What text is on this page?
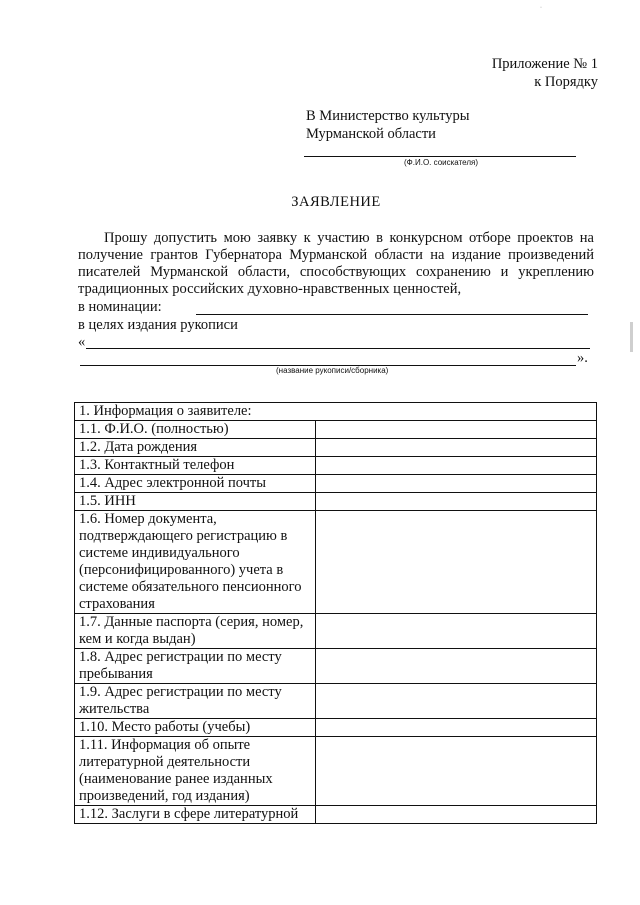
·
Приложение № 1
к Порядку
В Министерство культуры
Мурманской области
(Ф.И.О. соискателя)
ЗАЯВЛЕНИЕ
Прошу допустить мою заявку к участию в конкурсном отборе проектов на получение грантов Губернатора Мурманской области на издание произведений писателей Мурманской области, способствующих сохранению и укреплению традиционных российских духовно-нравственных ценностей,
в номинации:
в целях издания рукописи
«
».
(название рукописи/сборника)
1. Информация о заявителе:	
1.1. Ф.И.О. (полностью)	
1.2. Дата рождения	
1.3. Контактный телефон	
1.4. Адрес электронной почты	
1.5. ИНН	
1.6. Номер документа, подтверждающего регистрацию в системе индивидуального (персонифицированного) учета в системе обязательного пенсионного страхования	
1.7. Данные паспорта (серия, номер, кем и когда выдан)	
1.8. Адрес регистрации по месту пребывания	
1.9. Адрес регистрации по месту жительства	
1.10. Место работы (учебы)	
1.11. Информация об опыте литературной деятельности (наименование ранее изданных произведений, год издания)	
1.12. Заслуги в сфере литературной	
